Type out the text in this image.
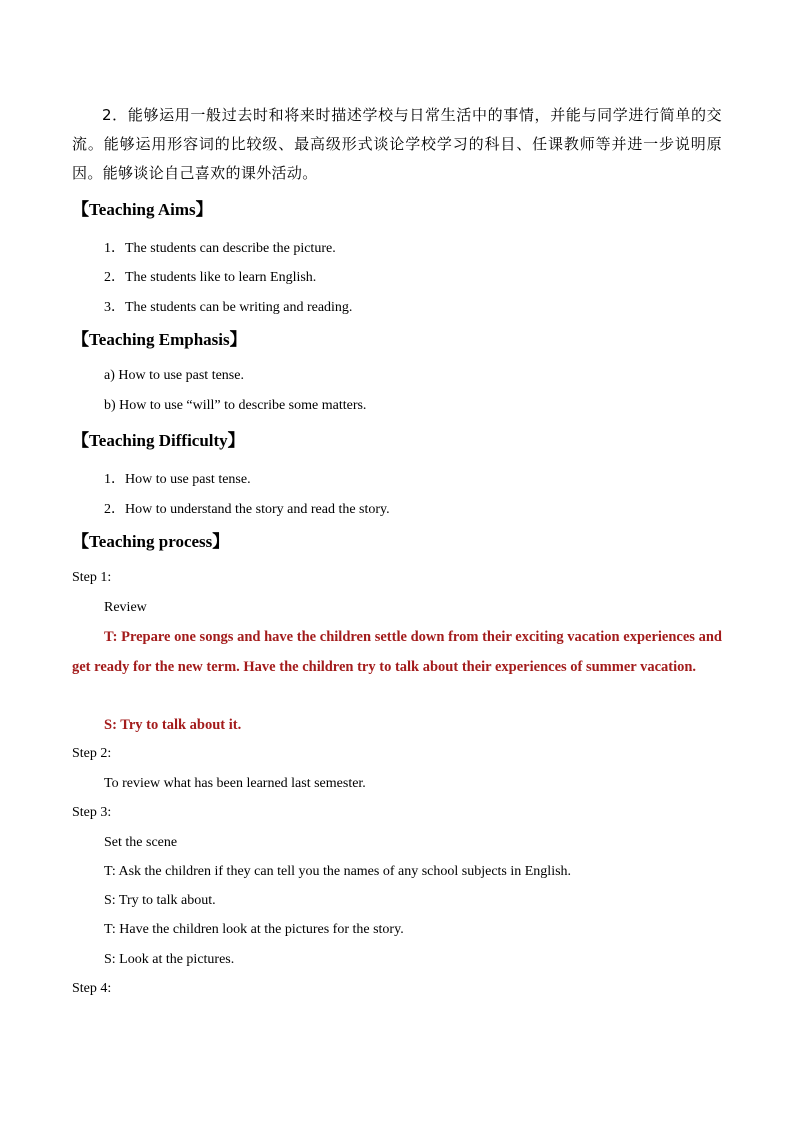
2．能够运用一般过去时和将来时描述学校与日常生活中的事情，并能与同学进行简单的交流。能够运用形容词的比较级、最高级形式谈论学校学习的科目、任课教师等并进一步说明原因。能够谈论自己喜欢的课外活动。
【Teaching Aims】
1．The students can describe the picture.
2．The students like to learn English.
3．The students can be writing and reading.
【Teaching Emphasis】
a) How to use past tense.
b) How to use “will” to describe some matters.
【Teaching Difficulty】
1．How to use past tense.
2．How to understand the story and read the story.
【Teaching process】
Step 1:
Review
T: Prepare one songs and have the children settle down from their exciting vacation experiences and get ready for the new term. Have the children try to talk about their experiences of summer vacation.
S: Try to talk about it.
Step 2:
To review what has been learned last semester.
Step 3:
Set the scene
T: Ask the children if they can tell you the names of any school subjects in English.
S: Try to talk about.
T: Have the children look at the pictures for the story.
S: Look at the pictures.
Step 4:
